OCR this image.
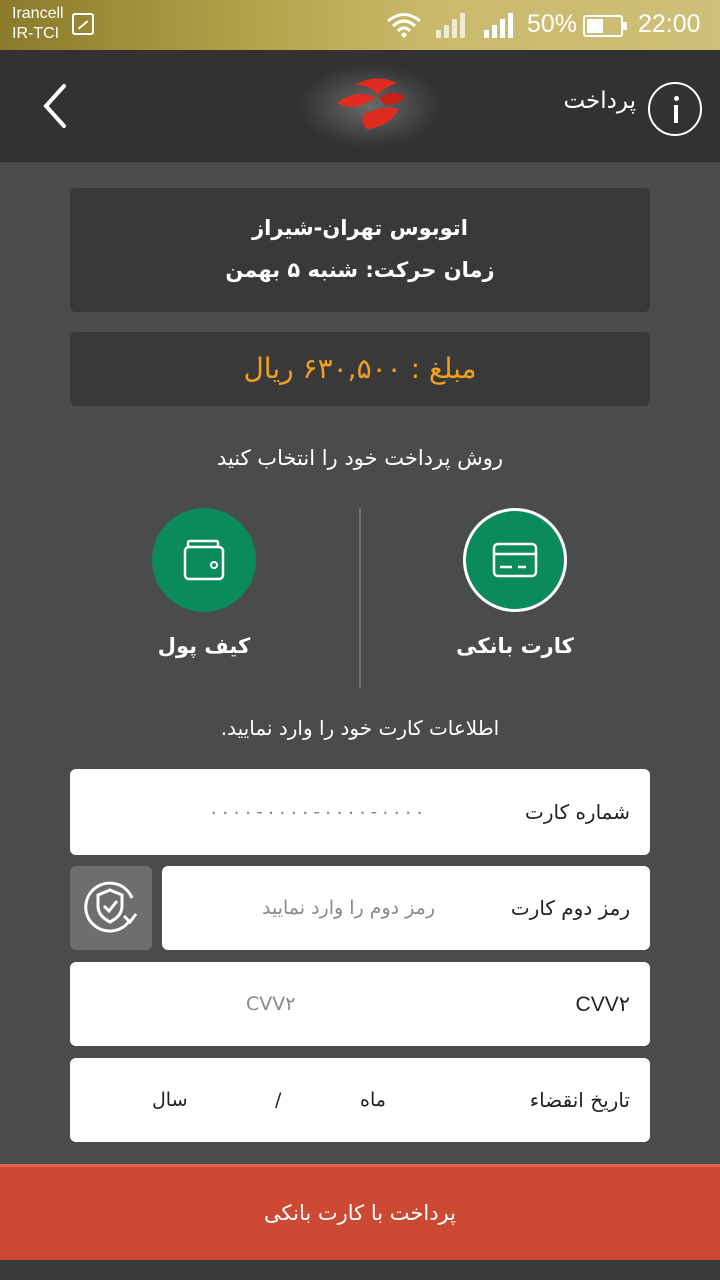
Irancell
IR-TCI	50% 22:00
پرداخت
اتوبوس تهران-شیراز
زمان حرکت: شنبه ۵ بهمن
مبلغ : ۶۳۰,۵۰۰ ریال
روش پرداخت خود را انتخاب کنید
کارت بانکی
کیف پول
اطلاعات کارت خود را وارد نمایید.
شماره کارت
۰۰۰۰-۰۰۰۰-۰۰۰۰-۰۰۰۰
رمز دوم کارت
رمز دوم را وارد نمایید
CVV۲
CVV۲
تاریخ انقضاء
ماه
/
سال
پرداخت با کارت بانکی
